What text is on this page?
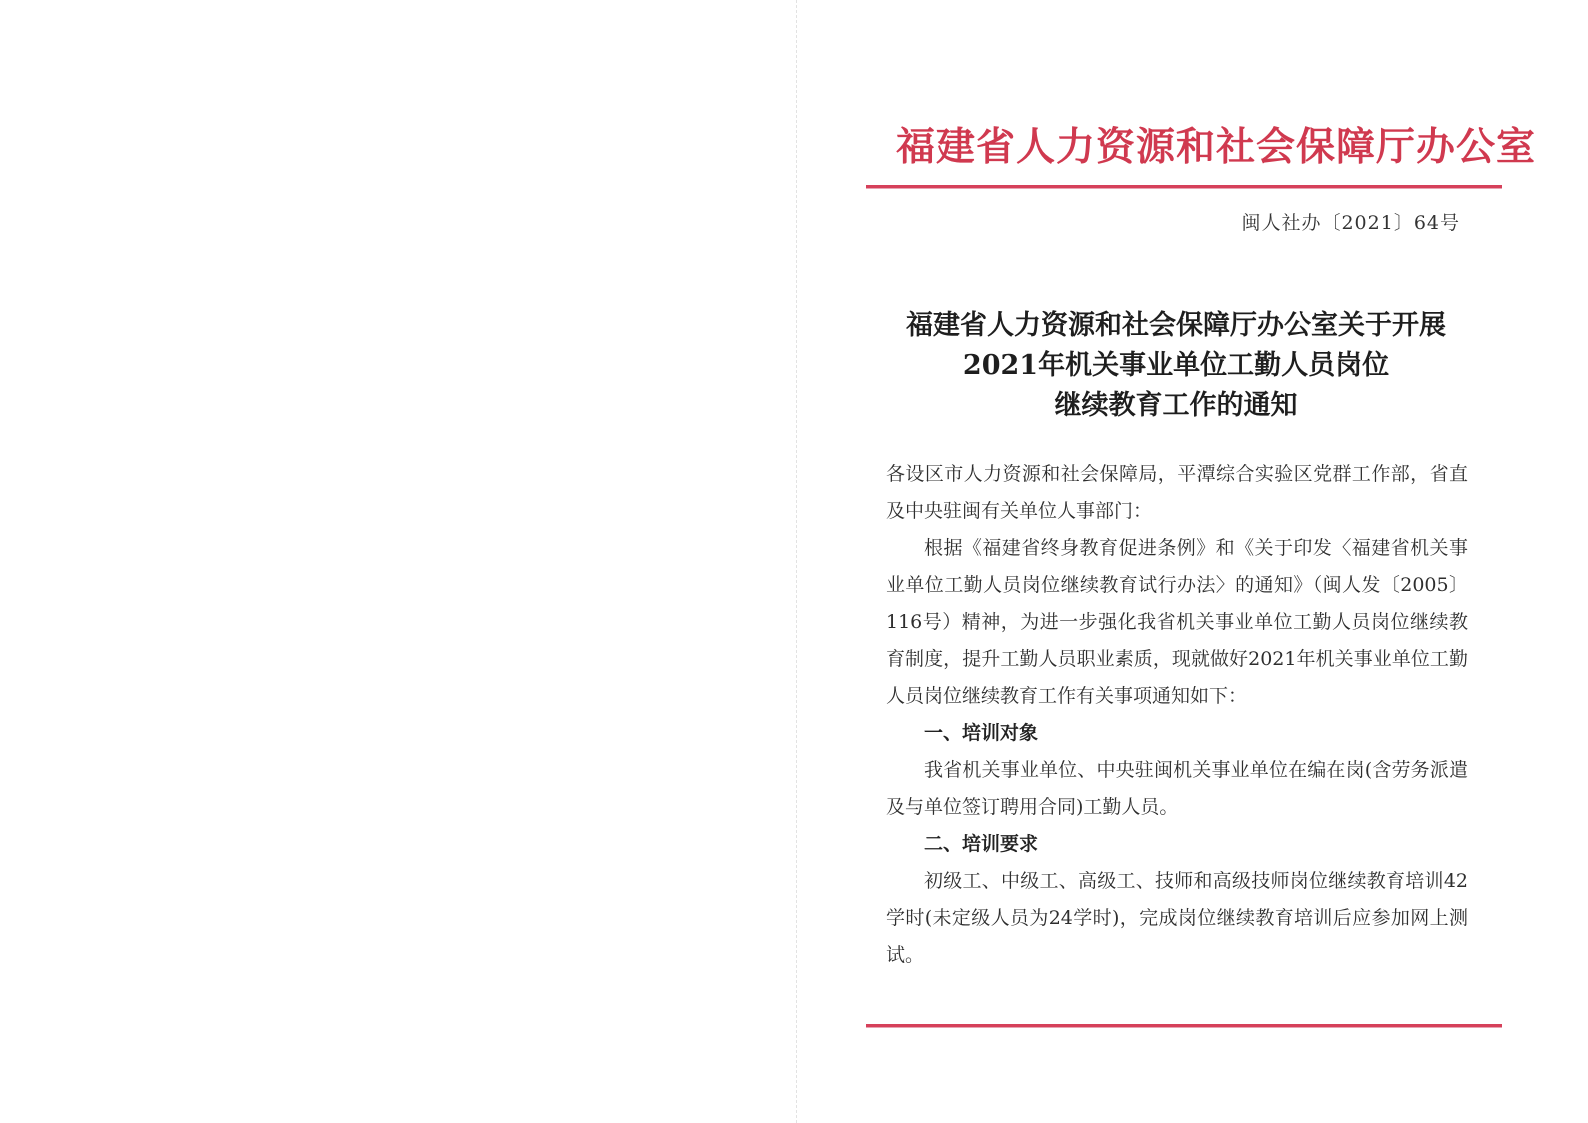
福建省人力资源和社会保障厅办公室
闽人社办〔2021〕64号
福建省人力资源和社会保障厅办公室关于开展
2021年机关事业单位工勤人员岗位
继续教育工作的通知

各设区市人力资源和社会保障局，平潭综合实验区党群工作部，省直及中央驻闽有关单位人事部门：

根据《福建省终身教育促进条例》和《关于印发〈福建省机关事业单位工勤人员岗位继续教育试行办法〉的通知》（闽人发〔2005〕116号）精神，为进一步强化我省机关事业单位工勤人员岗位继续教育制度，提升工勤人员职业素质，现就做好2021年机关事业单位工勤人员岗位继续教育工作有关事项通知如下：

一、培训对象

我省机关事业单位、中央驻闽机关事业单位在编在岗(含劳务派遣及与单位签订聘用合同)工勤人员。

二、培训要求

初级工、中级工、高级工、技师和高级技师岗位继续教育培训42学时(未定级人员为24学时)，完成岗位继续教育培训后应参加网上测试。
